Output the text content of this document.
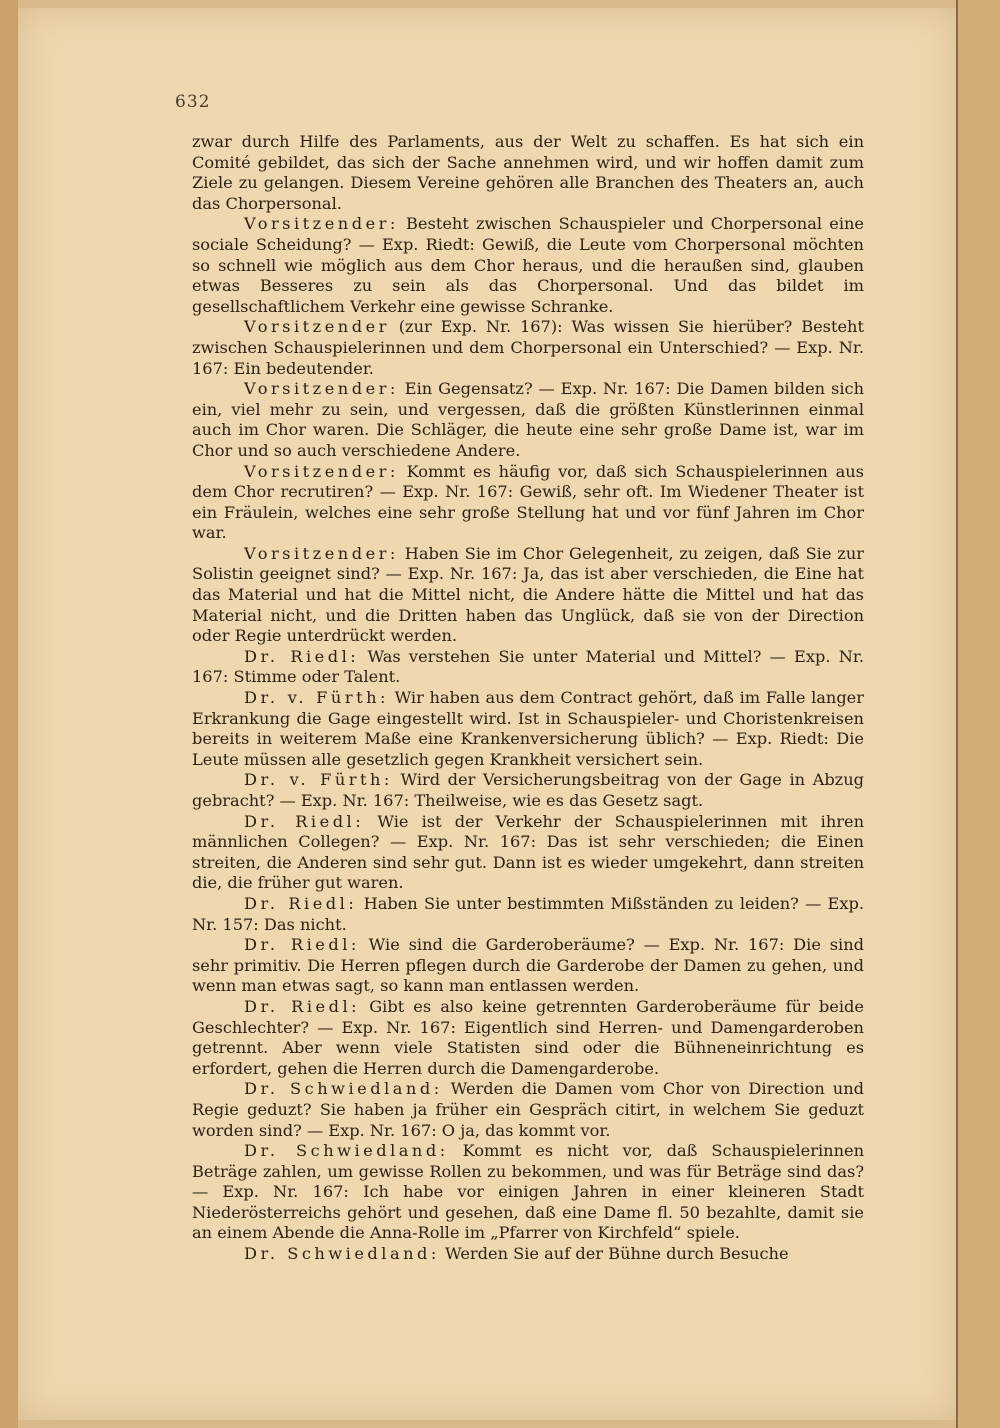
632

zwar durch Hilfe des Parlaments, aus der Welt zu schaffen. Es hat sich ein Comité gebildet, das sich der Sache annehmen wird, und wir hoffen damit zum Ziele zu gelangen. Diesem Vereine gehören alle Branchen des Theaters an, auch das Chorpersonal.

Vorsitzender: Besteht zwischen Schauspieler und Chorpersonal eine sociale Scheidung? — Exp. Riedt: Gewiß, die Leute vom Chorpersonal möchten so schnell wie möglich aus dem Chor heraus, und die heraußen sind, glauben etwas Besseres zu sein als das Chorpersonal. Und das bildet im gesellschaftlichem Verkehr eine gewisse Schranke.

Vorsitzender (zur Exp. Nr. 167): Was wissen Sie hierüber? Besteht zwischen Schauspielerinnen und dem Chorpersonal ein Unterschied? — Exp. Nr. 167: Ein bedeutender.

Vorsitzender: Ein Gegensatz? — Exp. Nr. 167: Die Damen bilden sich ein, viel mehr zu sein, und vergessen, daß die größten Künstlerinnen einmal auch im Chor waren. Die Schläger, die heute eine sehr große Dame ist, war im Chor und so auch verschiedene Andere.

Vorsitzender: Kommt es häufig vor, daß sich Schauspielerinnen aus dem Chor recrutiren? — Exp. Nr. 167: Gewiß, sehr oft. Im Wiedener Theater ist ein Fräulein, welches eine sehr große Stellung hat und vor fünf Jahren im Chor war.

Vorsitzender: Haben Sie im Chor Gelegenheit, zu zeigen, daß Sie zur Solistin geeignet sind? — Exp. Nr. 167: Ja, das ist aber verschieden, die Eine hat das Material und hat die Mittel nicht, die Andere hätte die Mittel und hat das Material nicht, und die Dritten haben das Unglück, daß sie von der Direction oder Regie unterdrückt werden.

Dr. Riedl: Was verstehen Sie unter Material und Mittel? — Exp. Nr. 167: Stimme oder Talent.

Dr. v. Fürth: Wir haben aus dem Contract gehört, daß im Falle langer Erkrankung die Gage eingestellt wird. Ist in Schauspieler- und Choristenkreisen bereits in weiterem Maße eine Krankenversicherung üblich? — Exp. Riedt: Die Leute müssen alle gesetzlich gegen Krankheit versichert sein.

Dr. v. Fürth: Wird der Versicherungsbeitrag von der Gage in Abzug gebracht? — Exp. Nr. 167: Theilweise, wie es das Gesetz sagt.

Dr. Riedl: Wie ist der Verkehr der Schauspielerinnen mit ihren männlichen Collegen? — Exp. Nr. 167: Das ist sehr verschieden; die Einen streiten, die Anderen sind sehr gut. Dann ist es wieder umgekehrt, dann streiten die, die früher gut waren.

Dr. Riedl: Haben Sie unter bestimmten Mißständen zu leiden? — Exp. Nr. 157: Das nicht.

Dr. Riedl: Wie sind die Garderoberäume? — Exp. Nr. 167: Die sind sehr primitiv. Die Herren pflegen durch die Garderobe der Damen zu gehen, und wenn man etwas sagt, so kann man entlassen werden.

Dr. Riedl: Gibt es also keine getrennten Garderoberäume für beide Geschlechter? — Exp. Nr. 167: Eigentlich sind Herren- und Damengarderoben getrennt. Aber wenn viele Statisten sind oder die Bühneneinrichtung es erfordert, gehen die Herren durch die Damengarderobe.

Dr. Schwiedland: Werden die Damen vom Chor von Direction und Regie geduzt? Sie haben ja früher ein Gespräch citirt, in welchem Sie geduzt worden sind? — Exp. Nr. 167: O ja, das kommt vor.

Dr. Schwiedland: Kommt es nicht vor, daß Schauspielerinnen Beträge zahlen, um gewisse Rollen zu bekommen, und was für Beträge sind das? — Exp. Nr. 167: Ich habe vor einigen Jahren in einer kleineren Stadt Niederösterreichs gehört und gesehen, daß eine Dame fl. 50 bezahlte, damit sie an einem Abende die Anna-Rolle im „Pfarrer von Kirchfeld“ spiele.

Dr. Schwiedland: Werden Sie auf der Bühne durch Besuche
